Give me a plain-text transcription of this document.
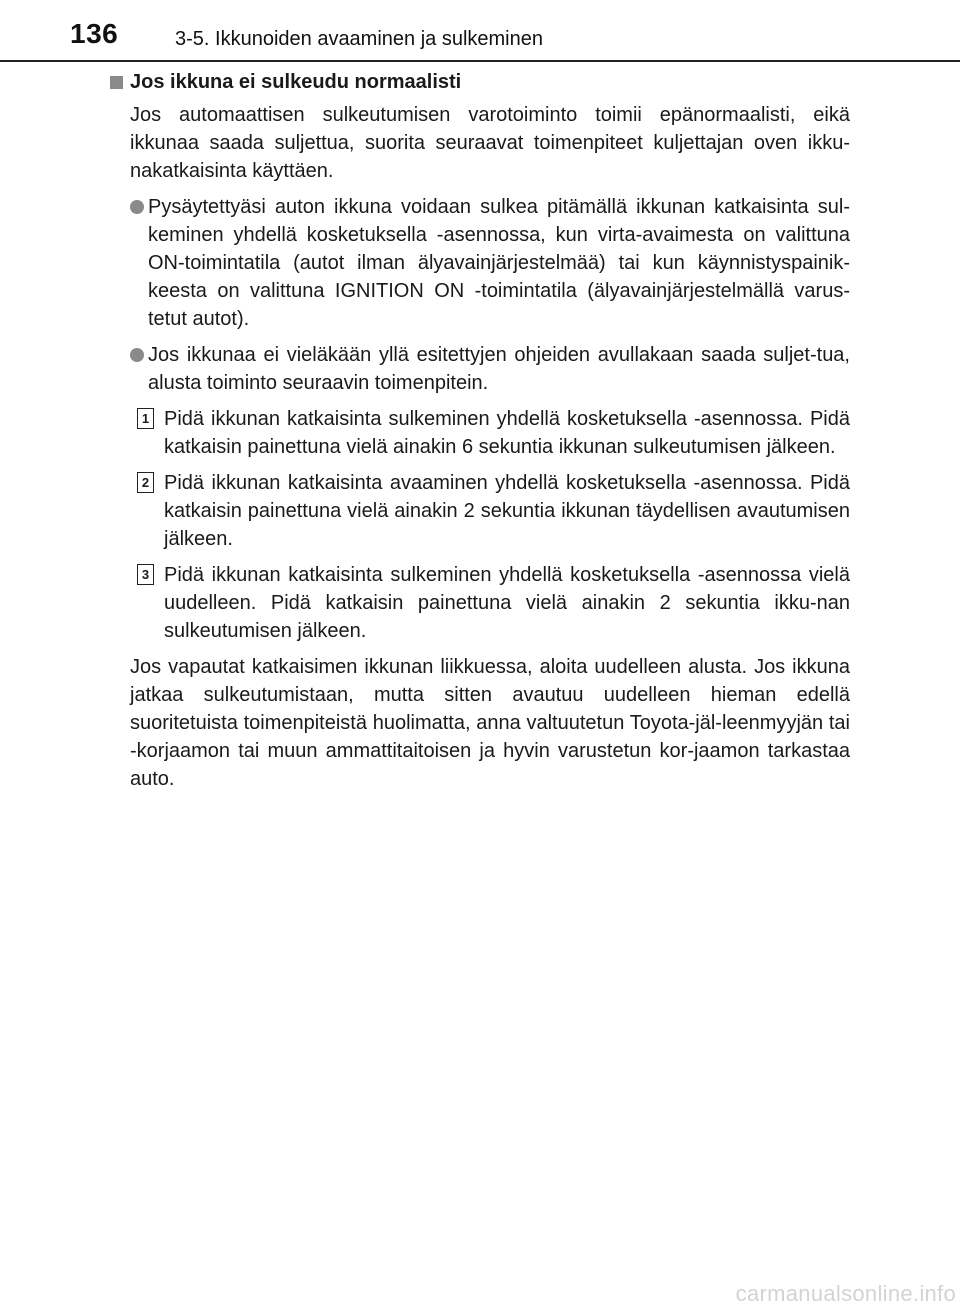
136	3-5. Ikkunoiden avaaminen ja sulkeminen
Jos ikkuna ei sulkeudu normaalisti
Jos automaattisen sulkeutumisen varotoiminto toimii epänormaalisti, eikä ikkunaa saada suljettua, suorita seuraavat toimenpiteet kuljettajan oven ikku-nakatkaisinta käyttäen.
Pysäytettyäsi auton ikkuna voidaan sulkea pitämällä ikkunan katkaisinta sul-keminen yhdellä kosketuksella -asennossa, kun virta-avaimesta on valittuna ON-toimintatila (autot ilman älyavainjärjestelmää) tai kun käynnistyspainik-keesta on valittuna IGNITION ON -toimintatila (älyavainjärjestelmällä varus-tetut autot).
Jos ikkunaa ei vieläkään yllä esitettyjen ohjeiden avullakaan saada suljet-tua, alusta toiminto seuraavin toimenpitein.
1 Pidä ikkunan katkaisinta sulkeminen yhdellä kosketuksella -asennossa. Pidä katkaisin painettuna vielä ainakin 6 sekuntia ikkunan sulkeutumisen jälkeen.
2 Pidä ikkunan katkaisinta avaaminen yhdellä kosketuksella -asennossa. Pidä katkaisin painettuna vielä ainakin 2 sekuntia ikkunan täydellisen avautumisen jälkeen.
3 Pidä ikkunan katkaisinta sulkeminen yhdellä kosketuksella -asennossa vielä uudelleen. Pidä katkaisin painettuna vielä ainakin 2 sekuntia ikku-nan sulkeutumisen jälkeen.
Jos vapautat katkaisimen ikkunan liikkuessa, aloita uudelleen alusta. Jos ikkuna jatkaa sulkeutumistaan, mutta sitten avautuu uudelleen hieman edellä suoritetuista toimenpiteistä huolimatta, anna valtuutetun Toyota-jäl-leenmyyjän tai -korjaamon tai muun ammattitaitoisen ja hyvin varustetun kor-jaamon tarkastaa auto.
carmanualsonline.info
